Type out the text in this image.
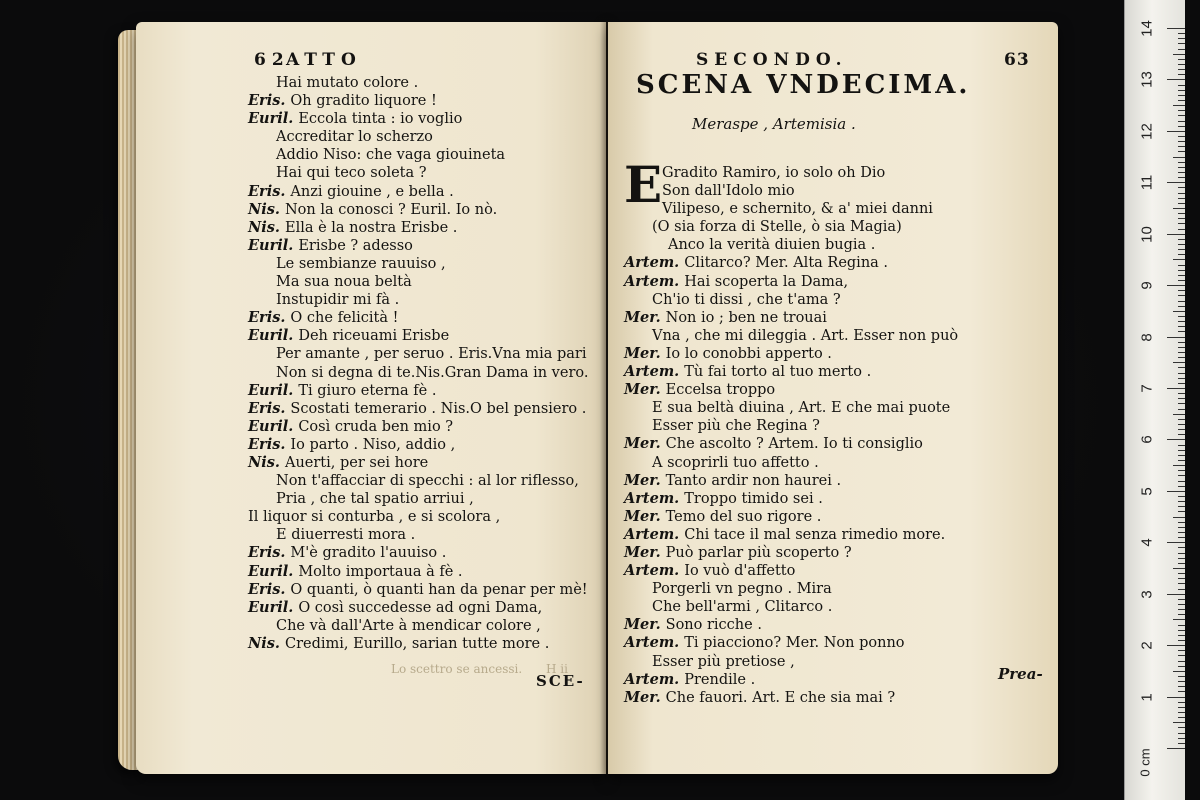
62
ATTO
Hai mutato colore .
Eris. Oh gradito liquore !
Euril. Eccola tinta : io voglio
Accreditar lo scherzo
Addio Niso: che vaga giouineta
Hai qui teco soleta ?
Eris. Anzi giouine , e bella .
Nis. Non la conosci ? Euril. Io nò.
Nis. Ella è la nostra Erisbe .
Euril. Erisbe ? adesso
Le sembianze rauuiso ,
Ma sua noua beltà
Instupidir mi fà .
Eris. O che felicità !
Euril. Deh riceuami Erisbe
Per amante , per seruo . Eris.Vna mia pari
Non si degna di te.Nis.Gran Dama in vero.
Euril. Ti giuro eterna fè .
Eris. Scostati temerario . Nis.O bel pensiero .
Euril. Così cruda ben mio ?
Eris. Io parto . Niso, addio ,
Nis. Auerti, per sei hore
Non t'affacciar di specchi : al lor riflesso,
Pria , che tal spatio arriui ,
Il liquor si conturba , e si scolora ,
E diuerresti mora .
Eris. M'è gradito l'auuiso .
Euril. Molto importaua à fè .
Eris. O quanti, ò quanti han da penar per mè!
Euril. O così succedesse ad ogni Dama,
Che và dall'Arte à mendicar colore ,
Nis. Credimi, Eurillo, sarian tutte more .
Lo scettro se ancessi. H ii
SCE-
SECONDO.	63
SCENA VNDECIMA.
Meraspe , Artemisia .
E Gradito Ramiro, io solo oh Dio
Son dall'Idolo mio
Vilipeso, e schernito, & a' miei danni
(O sia forza di Stelle, ò sia Magia)
Anco la verità diuien bugia .
Artem. Clitarco? Mer. Alta Regina .
Artem. Hai scoperta la Dama,
Ch'io ti dissi , che t'ama ?
Mer. Non io ; ben ne trouai
Vna , che mi dileggia . Art. Esser non può
Mer. Io lo conobbi apperto .
Artem. Tù fai torto al tuo merto .
Mer. Eccelsa troppo
E sua beltà diuina , Art. E che mai puote
Esser più che Regina ?
Mer. Che ascolto ? Artem. Io ti consiglio
A scoprirli tuo affetto .
Mer. Tanto ardir non haurei .
Artem. Troppo timido sei .
Mer. Temo del suo rigore .
Artem. Chi tace il mal senza rimedio more.
Mer. Può parlar più scoperto ?
Artem. Io vuò d'affetto
Porgerli vn pegno . Mira
Che bell'armi , Clitarco .
Mer. Sono ricche .
Artem. Ti piacciono? Mer. Non ponno
Esser più pretiose ,
Artem. Prendile .
Mer. Che fauori. Art. E che sia mai ?
Prea-
0 cm
14
13
12
11
10
9
8
7
6
5
4
3
2
1
